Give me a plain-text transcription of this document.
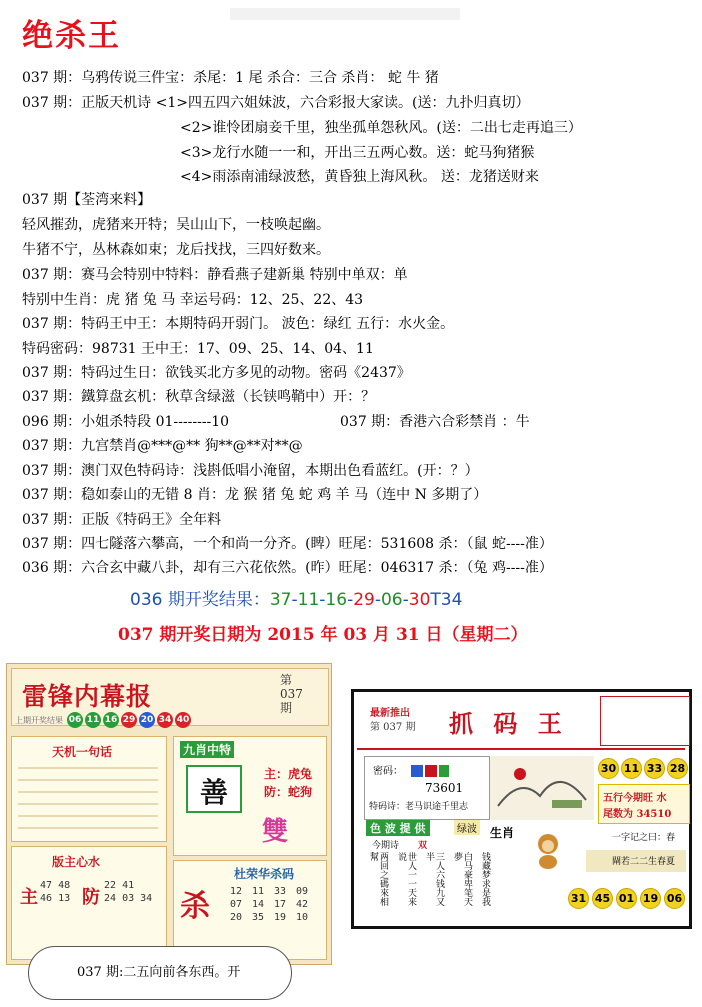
绝杀王
037 期：乌鸦传说三件宝：杀尾：1 尾 杀合：三合 杀肖： 蛇 牛 猪
037 期：正版天机诗 <1>四五四六姐妹波，六合彩报大家读。(送：九扑归真切）
<2>谁怜团扇妾千里，独坐孤单怨秋风。(送：二出七走再追三）
<3>龙行水随一一和，开出三五两心数。送：蛇马狗猪猴
<4>雨添南浦绿波愁，黄昏独上海风秋。 送：龙猪送财来
037 期【荃湾来料】
轻风摧劲，虎猪来开特；吴山山下，一枝唤起幽。
牛猪不宁，丛林森如束；龙后找找，三四好数来。
037 期：赛马会特别中特料：静看燕子建新巢 特别中单双：单
特别中生肖：虎 猪 兔 马 幸运号码：12、25、22、43
037 期：特码王中王：本期特码开弱门。 波色：绿红 五行：水火金。
特码密码：98731 王中王：17、09、25、14、04、11
037 期：特码过生日：欲钱买北方多见的动物。密码《2437》
037 期：鐵算盘玄机：秋草含绿滋（长铗鸣鞘中）开：？
096 期：小姐杀特段 01--------10	037 期：香港六合彩禁肖 ：牛
037 期：九宫禁肖@***@** 狗**@**对**@
037 期：澳门双色特码诗：浅斟低唱小淹留，本期出色看蓝红。(开：？）
037 期：稳如泰山的无错 8 肖：龙 猴 猪 兔 蛇 鸡 羊 马（连中 N 多期了）
037 期：正版《特码王》全年料
037 期：四七隧落六攀高，一个和尚一分齐。(睥）旺尾：531608 杀：（鼠 蛇----准）
036 期：六合玄中藏八卦，却有三六花依然。(昨）旺尾：046317 杀：（兔 鸡----准）
036 期开奖结果：37-11-16-29-06-30T34
037 期开奖日期为 2015 年 03 月 31 日（星期二）
雷锋内幕报
第
037
期
上期开奖结果 06 11 16 29 20 34 40
天机一句话	九肖中特
善
主：虎兔
防：蛇狗
雙
版主心水
主 防
47 48
46 13
22 41
24 03 34 杀
杜荣华杀码
12 11 33 09
07 14 17 42
20 35 19 10

最新推出
第 037 期 抓 码 王
密码：
73601
特码诗：老马识途千里志
30 11 33 28
五行今期旺 水
尾数为 34510
色 波 提 供	绿波
今期诗 双
生肖
两回之碼來相幫	世人一一天来说	三人六钱九又半	白马豪卑笔天夢	钱藏梦求是我
一字记之曰：春
閘若二二生春夏
31 45 01 19 06
037 期:二五向前各东西。开
